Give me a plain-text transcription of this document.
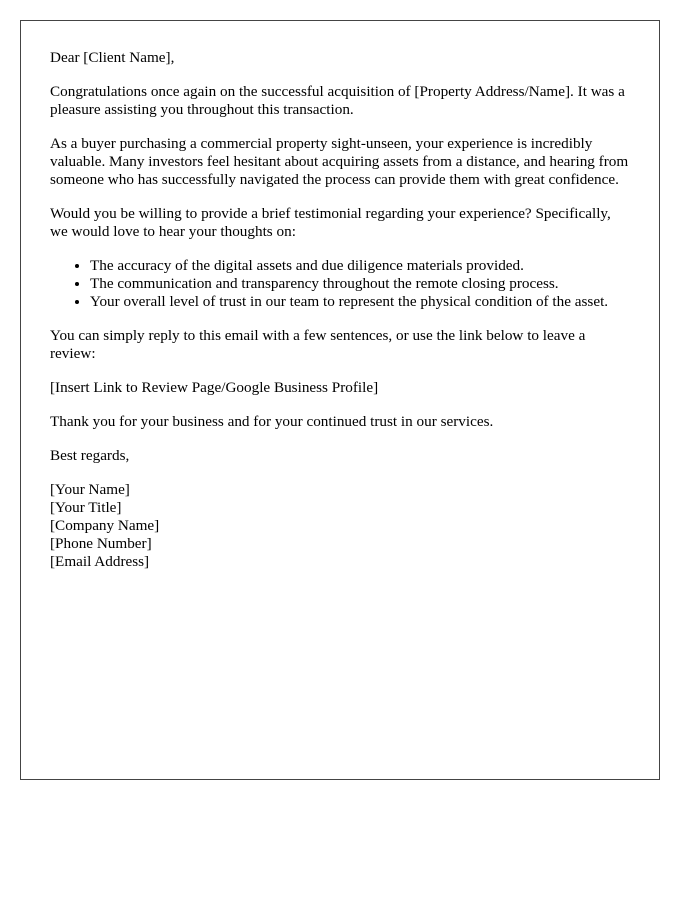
Dear [Client Name],

Congratulations once again on the successful acquisition of [Property Address/Name]. It was a pleasure assisting you throughout this transaction.

As a buyer purchasing a commercial property sight-unseen, your experience is incredibly valuable. Many investors feel hesitant about acquiring assets from a distance, and hearing from someone who has successfully navigated the process can provide them with great confidence.

Would you be willing to provide a brief testimonial regarding your experience? Specifically, we would love to hear your thoughts on:

• The accuracy of the digital assets and due diligence materials provided.
• The communication and transparency throughout the remote closing process.
• Your overall level of trust in our team to represent the physical condition of the asset.

You can simply reply to this email with a few sentences, or use the link below to leave a review:

[Insert Link to Review Page/Google Business Profile]

Thank you for your business and for your continued trust in our services.

Best regards,

[Your Name]
[Your Title]
[Company Name]
[Phone Number]
[Email Address]
